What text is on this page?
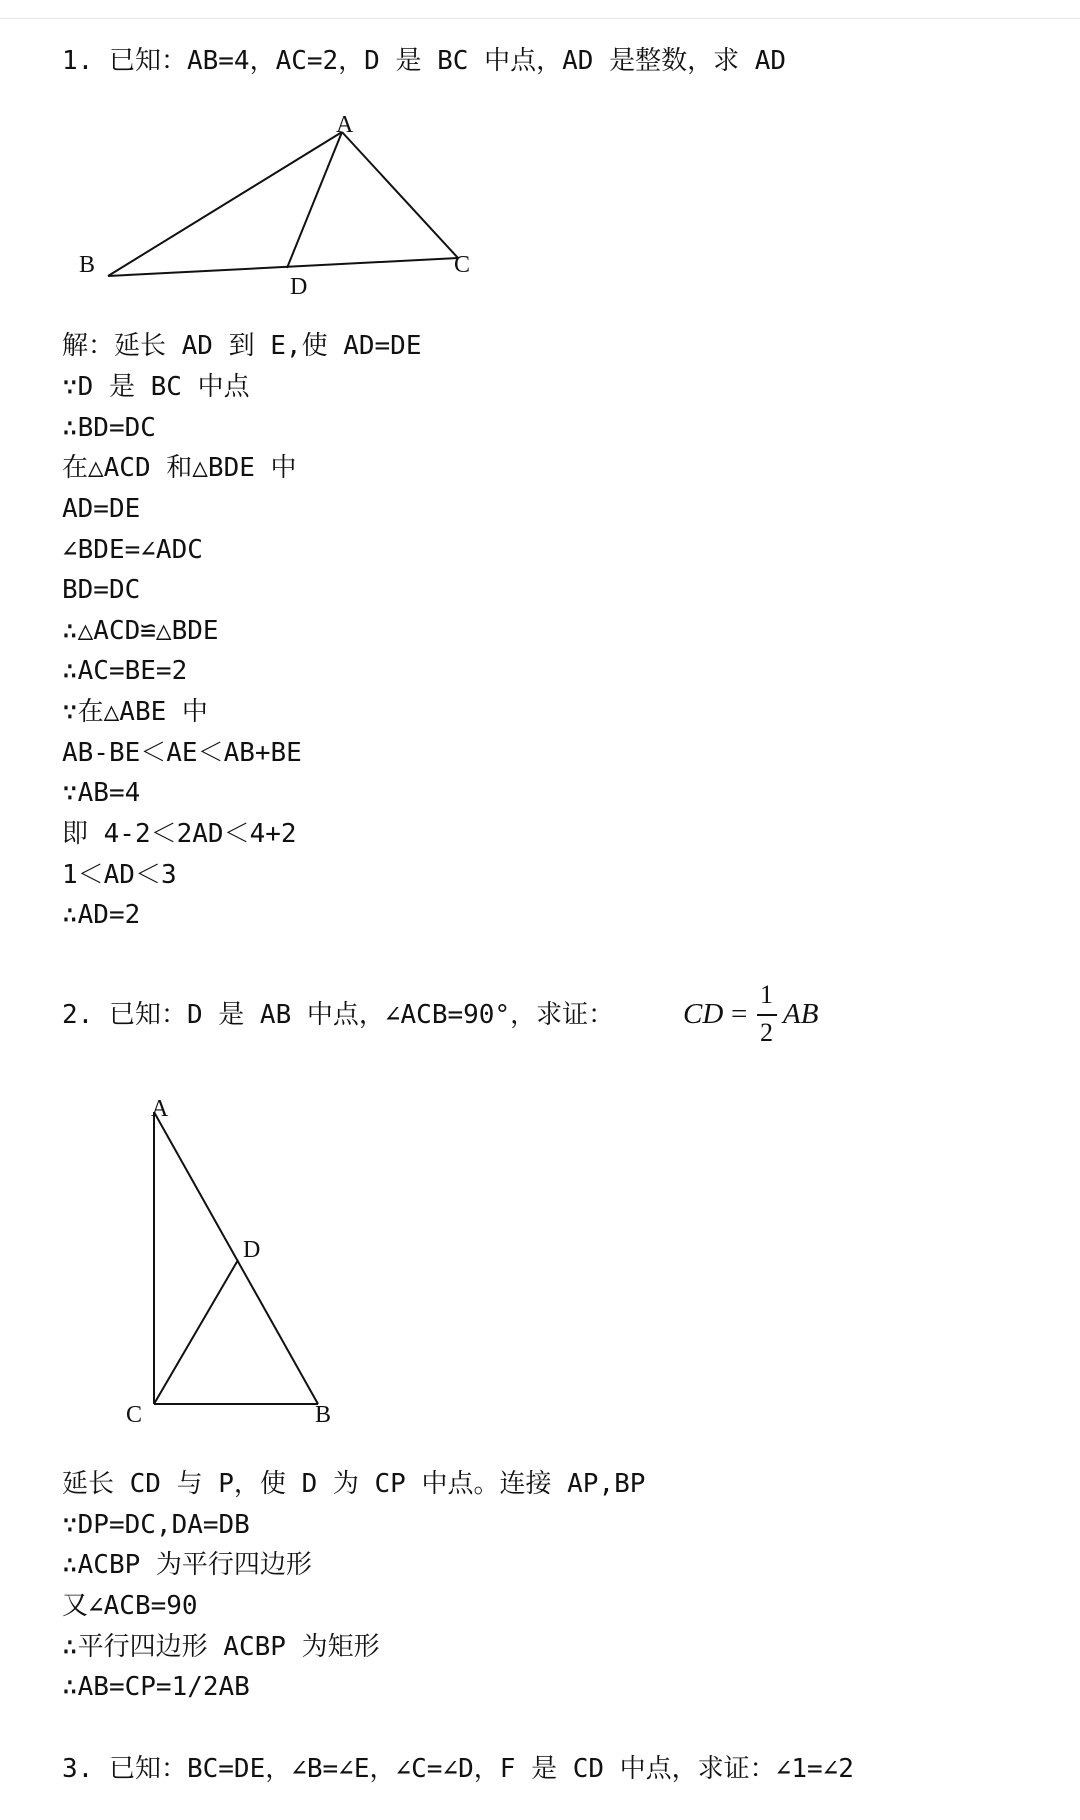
1. 已知：AB=4，AC=2，D 是 BC 中点，AD 是整数，求 AD
A
B	C
D
解：延长 AD 到 E,使 AD=DE
∵D 是 BC 中点
∴BD=DC
在△ACD 和△BDE 中
AD=DE
∠BDE=∠ADC
BD=DC
∴△ACD≌△BDE
∴AC=BE=2
∵在△ABE 中
AB-BE＜AE＜AB+BE
∵AB=4
即 4-2＜2AD＜4+2
1＜AD＜3
∴AD=2
2. 已知：D 是 AB 中点，∠ACB=90°，求证： CD =
1
2
AB
A
B
C
D
延长 CD 与 P，使 D 为 CP 中点。连接 AP,BP
∵DP=DC,DA=DB
∴ACBP 为平行四边形
又∠ACB=90
∴平行四边形 ACBP 为矩形
∴AB=CP=1/2AB
3. 已知：BC=DE，∠B=∠E，∠C=∠D，F 是 CD 中点，求证：∠1=∠2
